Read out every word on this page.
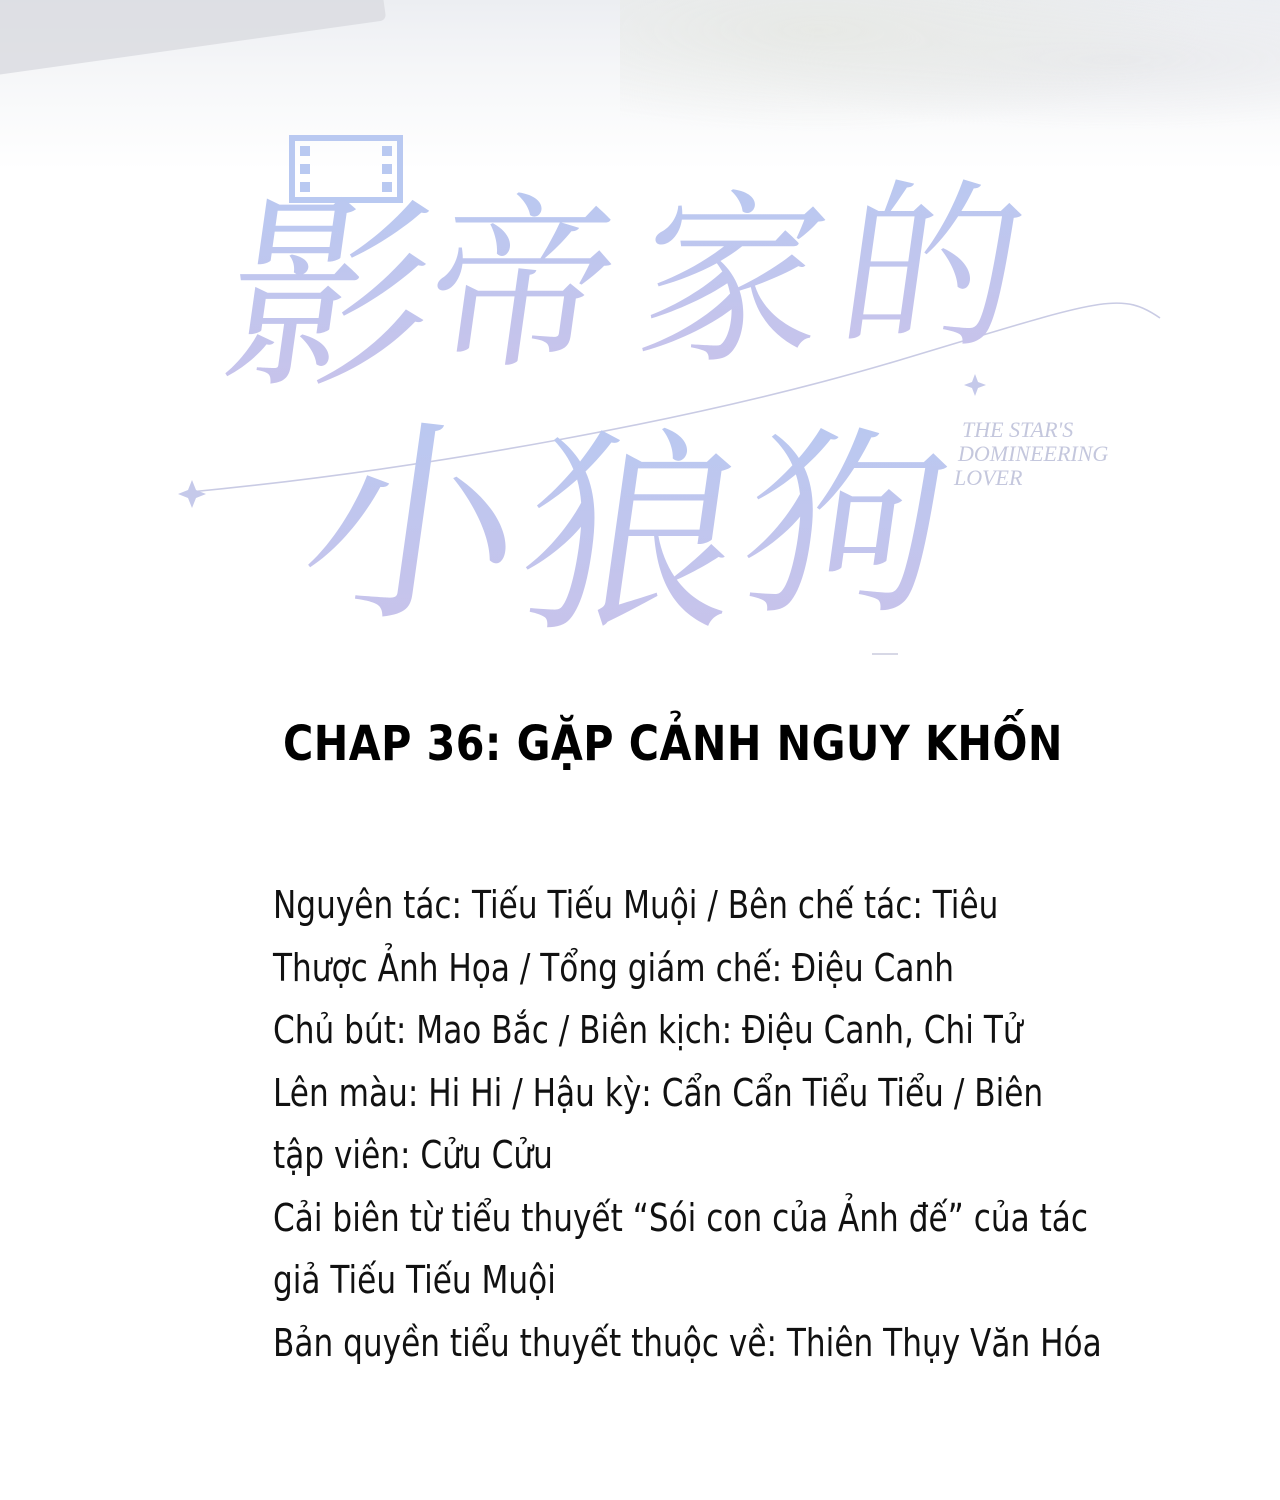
影
帝
家
的
小
狼
狗 THE STAR'S
DOMINEERING
LOVER
CHAP 36: GẶP CẢNH NGUY KHỐN
Nguyên tác: Tiếu Tiếu Muội / Bên chế tác: Tiêu
Thược Ảnh Họa / Tổng giám chế: Điệu Canh
Chủ bút: Mao Bắc / Biên kịch: Điệu Canh, Chi Tử
Lên màu: Hi Hi / Hậu kỳ: Cẩn Cẩn Tiểu Tiểu / Biên
tập viên: Cửu Cửu
Cải biên từ tiểu thuyết “Sói con của Ảnh đế” của tác
giả Tiếu Tiếu Muội
Bản quyền tiểu thuyết thuộc về: Thiên Thụy Văn Hóa
